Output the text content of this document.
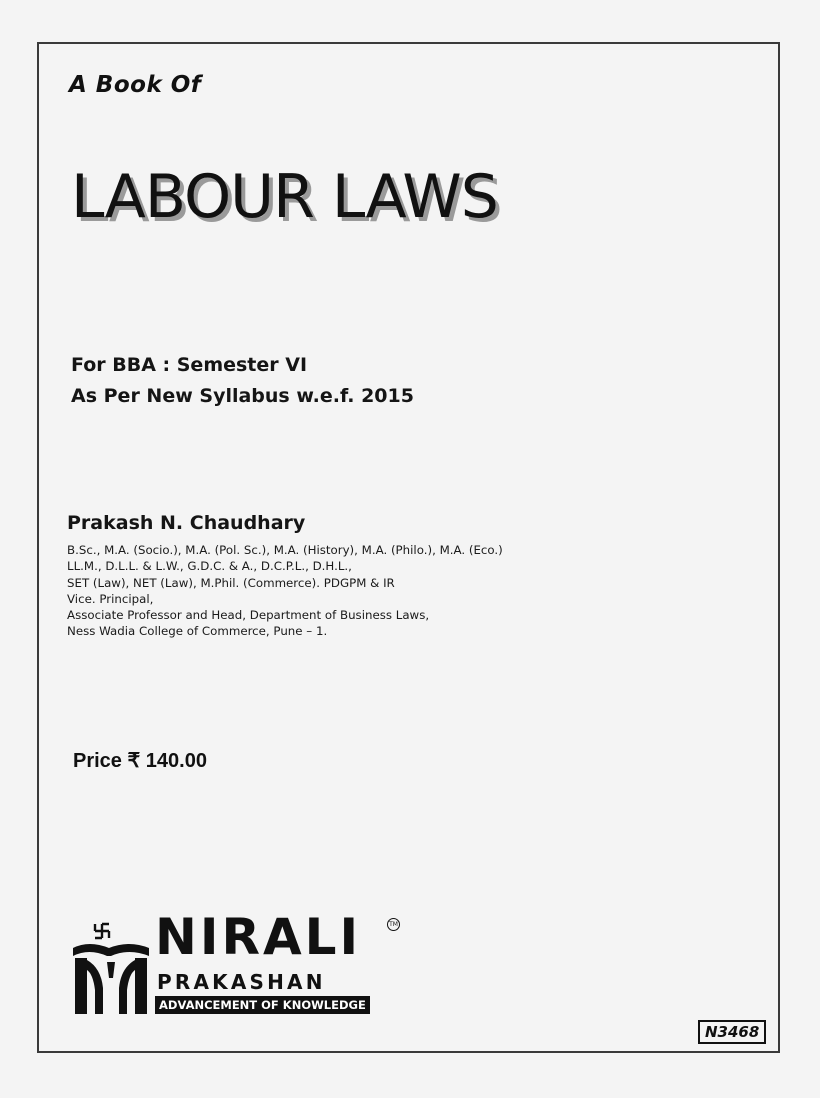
A Book Of
LABOUR LAWS
For BBA : Semester VI
As Per New Syllabus w.e.f. 2015
Prakash N. Chaudhary
B.Sc., M.A. (Socio.), M.A. (Pol. Sc.), M.A. (History), M.A. (Philo.), M.A. (Eco.)
LL.M., D.L.L. & L.W., G.D.C. & A., D.C.P.L., D.H.L.,
SET (Law), NET (Law), M.Phil. (Commerce). PDGPM & IR
Vice. Principal,
Associate Professor and Head, Department of Business Laws,
Ness Wadia College of Commerce, Pune – 1.
Price ₹ 140.00
NIRALI	TM
PRAKASHAN
ADVANCEMENT OF KNOWLEDGE
N3468
